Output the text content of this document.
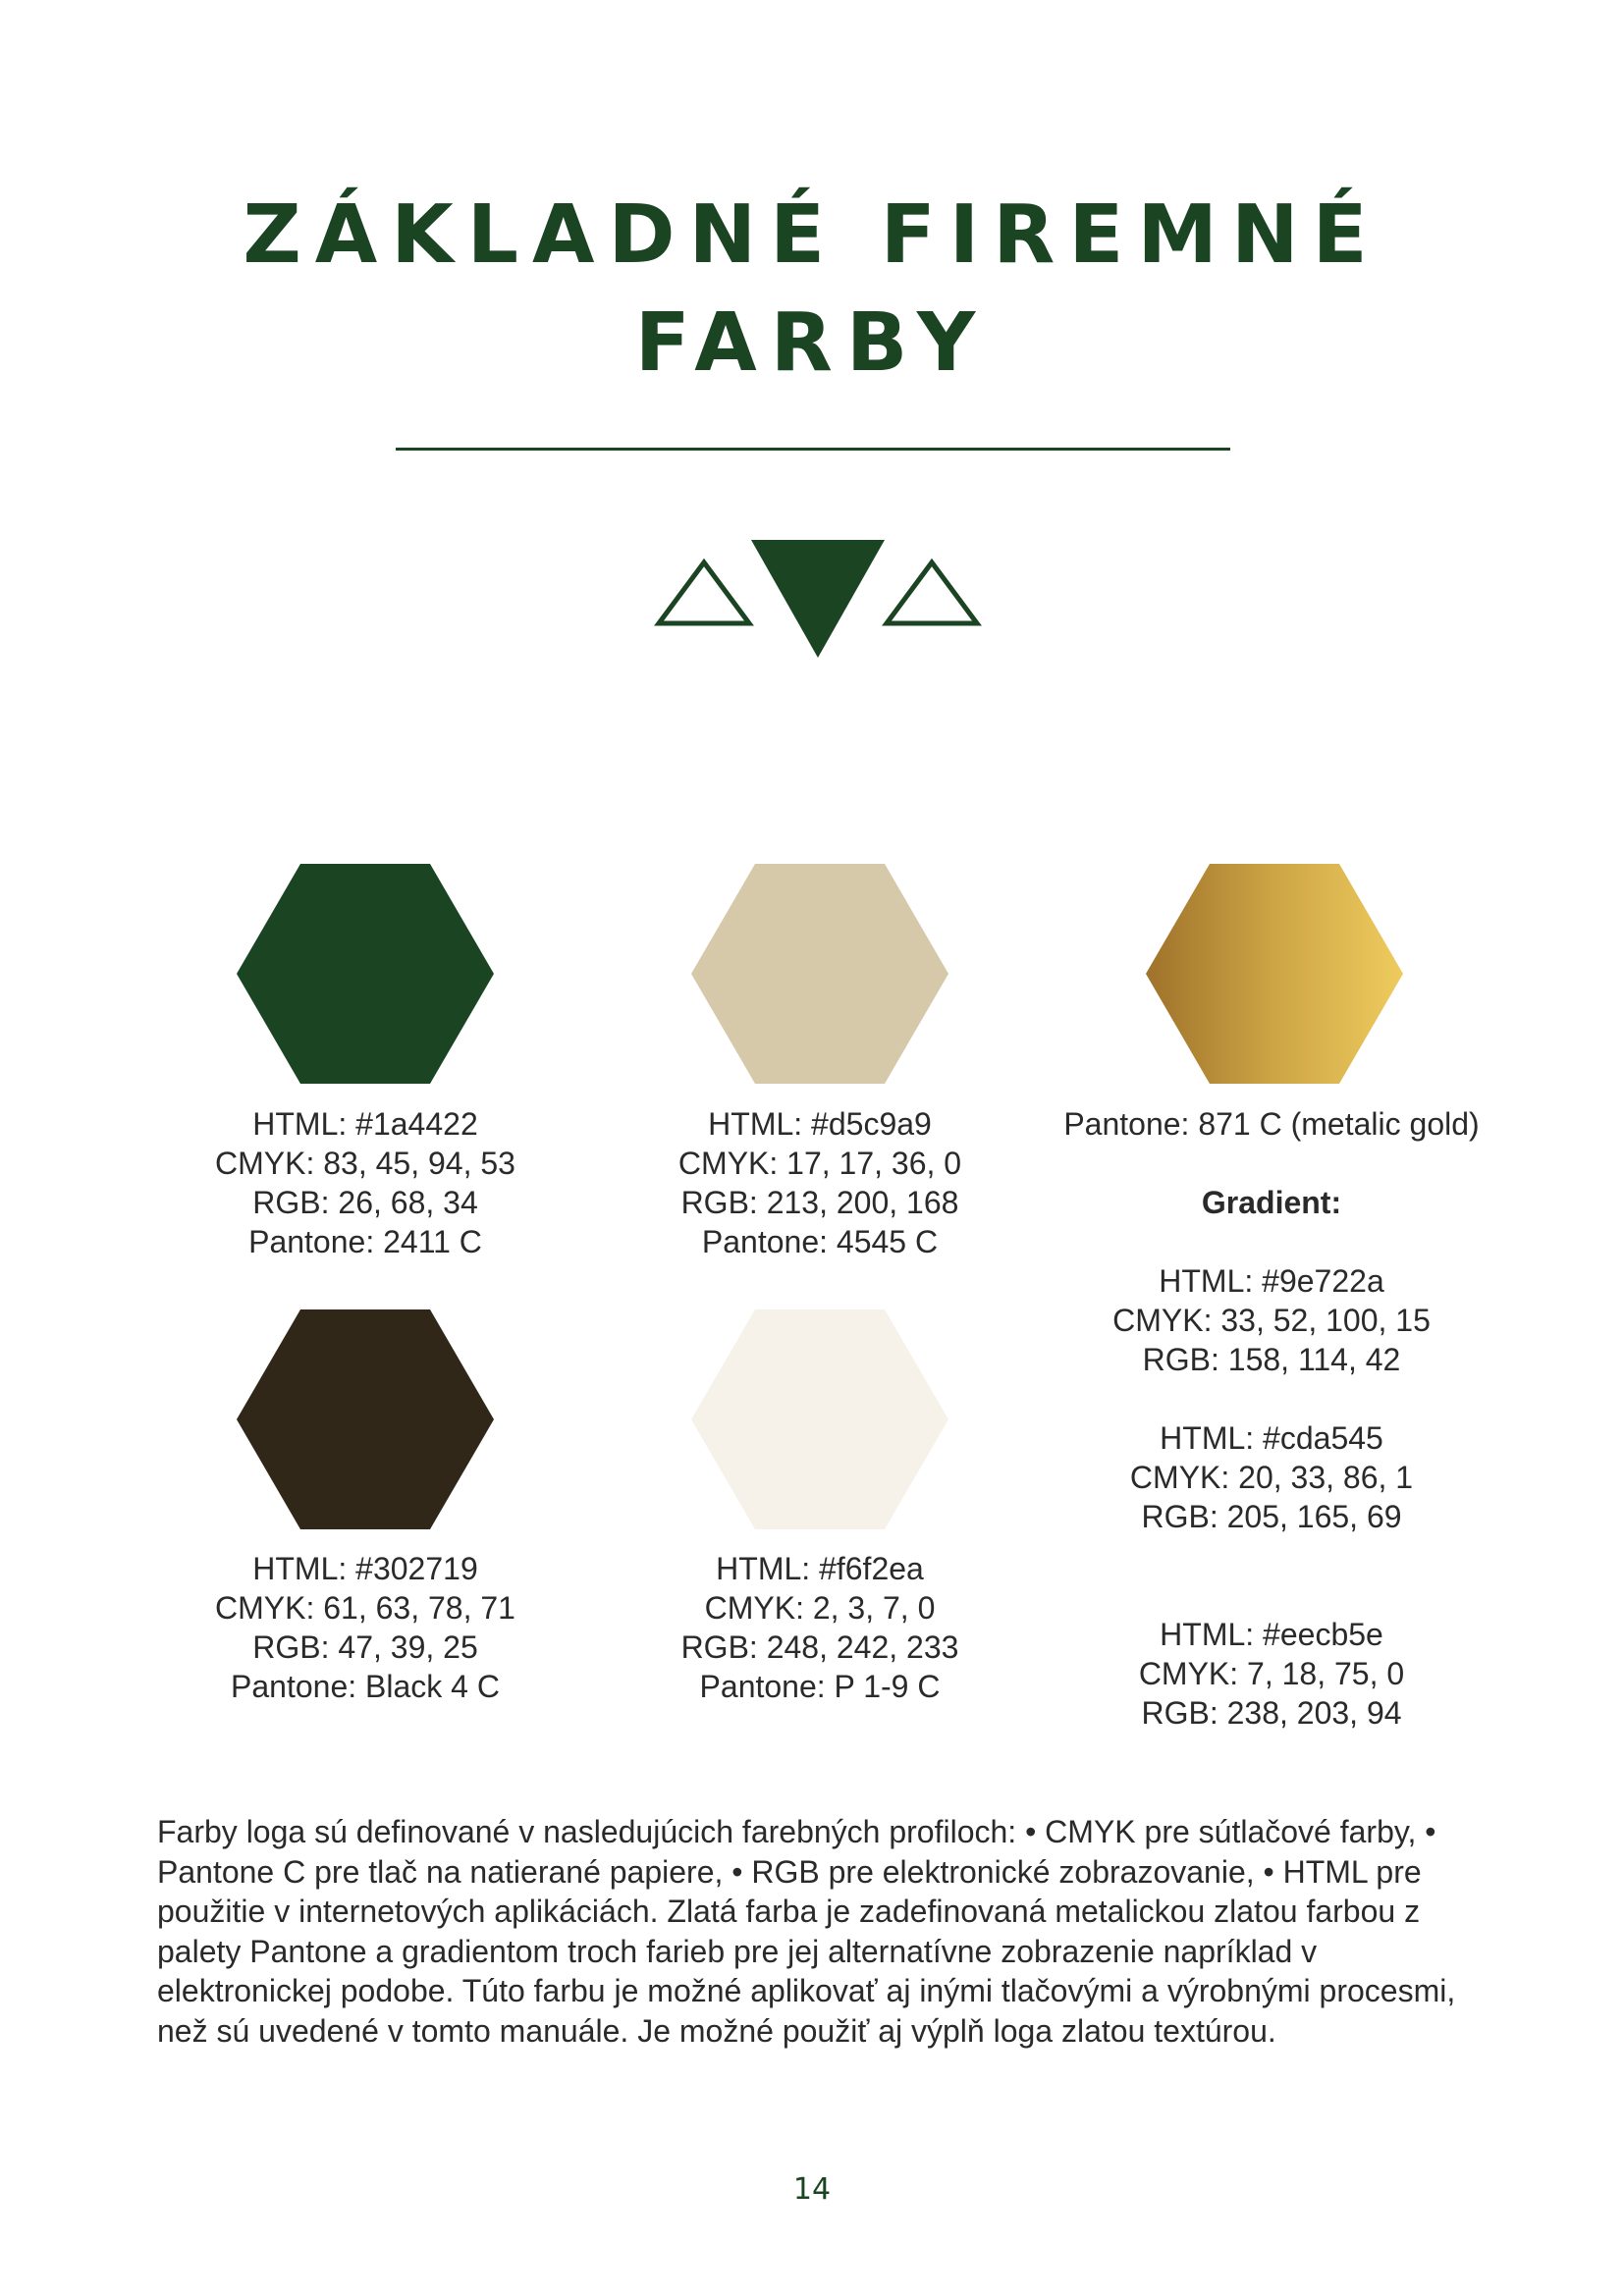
ZÁKLADNÉ FIREMNÉ
FARBY
HTML: #1a4422
CMYK: 83, 45, 94, 53
RGB: 26, 68, 34
Pantone: 2411 C
HTML: #d5c9a9
CMYK: 17, 17, 36, 0
RGB: 213, 200, 168
Pantone: 4545 C
HTML: #302719
CMYK: 61, 63, 78, 71
RGB: 47, 39, 25
Pantone: Black 4 C
HTML: #f6f2ea
CMYK: 2, 3, 7, 0
RGB: 248, 242, 233
Pantone: P 1-9 C
Pantone: 871 C (metalic gold)
Gradient:
HTML: #9e722a
CMYK: 33, 52, 100, 15
RGB: 158, 114, 42
HTML: #cda545
CMYK: 20, 33, 86, 1
RGB: 205, 165, 69
HTML: #eecb5e
CMYK: 7, 18, 75, 0
RGB: 238, 203, 94

Farby loga sú definované v nasledujúcich farebných profiloch: • CMYK pre sútlačové farby, • Pantone C pre tlač na natierané papiere, • RGB pre elektronické zobrazovanie, • HTML pre použitie v internetových aplikáciách. Zlatá farba je zadefinovaná metalickou zlatou farbou z palety Pantone a gradientom troch farieb pre jej alternatívne zobrazenie napríklad v elektronickej podobe. Túto farbu je možné aplikovať aj inými tlačovými a výrobnými procesmi, než sú uvedené v tomto manuále. Je možné použiť aj výplň loga zlatou textúrou.

14
